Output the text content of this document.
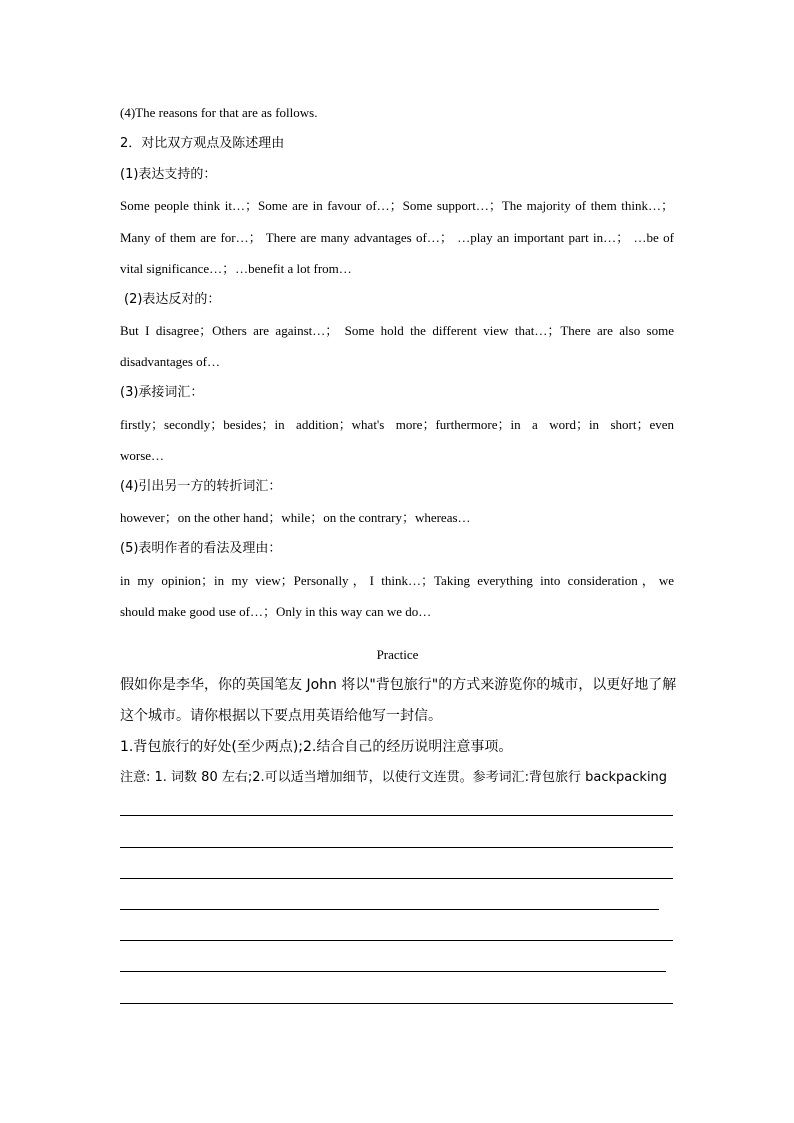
(4)The reasons for that are as follows.
2．对比双方观点及陈述理由
(1)表达支持的：
Some people think it…；Some are in favour of…；Some support…；The majority of them think…；
Many of them are for…； There are many advantages of…； …play an important part in…； …be of
vital significance…；…benefit a lot from…
(2)表达反对的：
But I disagree；Others are against…； Some hold the different view that…；There are also some
disadvantages of…
(3)承接词汇：
firstly；secondly；besides；in addition；what's more；furthermore；in a word；in short；even
worse…
(4)引出另一方的转折词汇：
however；on the other hand；while；on the contrary；whereas…
(5)表明作者的看法及理由：
in my opinion；in my view；Personally，I think…；Taking everything into consideration，we
should make good use of…；Only in this way can we do…
Practice
假如你是李华，你的英国笔友 John 将以"背包旅行"的方式来游览你的城市，以更好地了解
这个城市。请你根据以下要点用英语给他写一封信。
1.背包旅行的好处(至少两点);2.结合自己的经历说明注意事项。
注意: 1. 词数 80 左右;2.可以适当增加细节，以使行文连贯。参考词汇:背包旅行 backpacking
